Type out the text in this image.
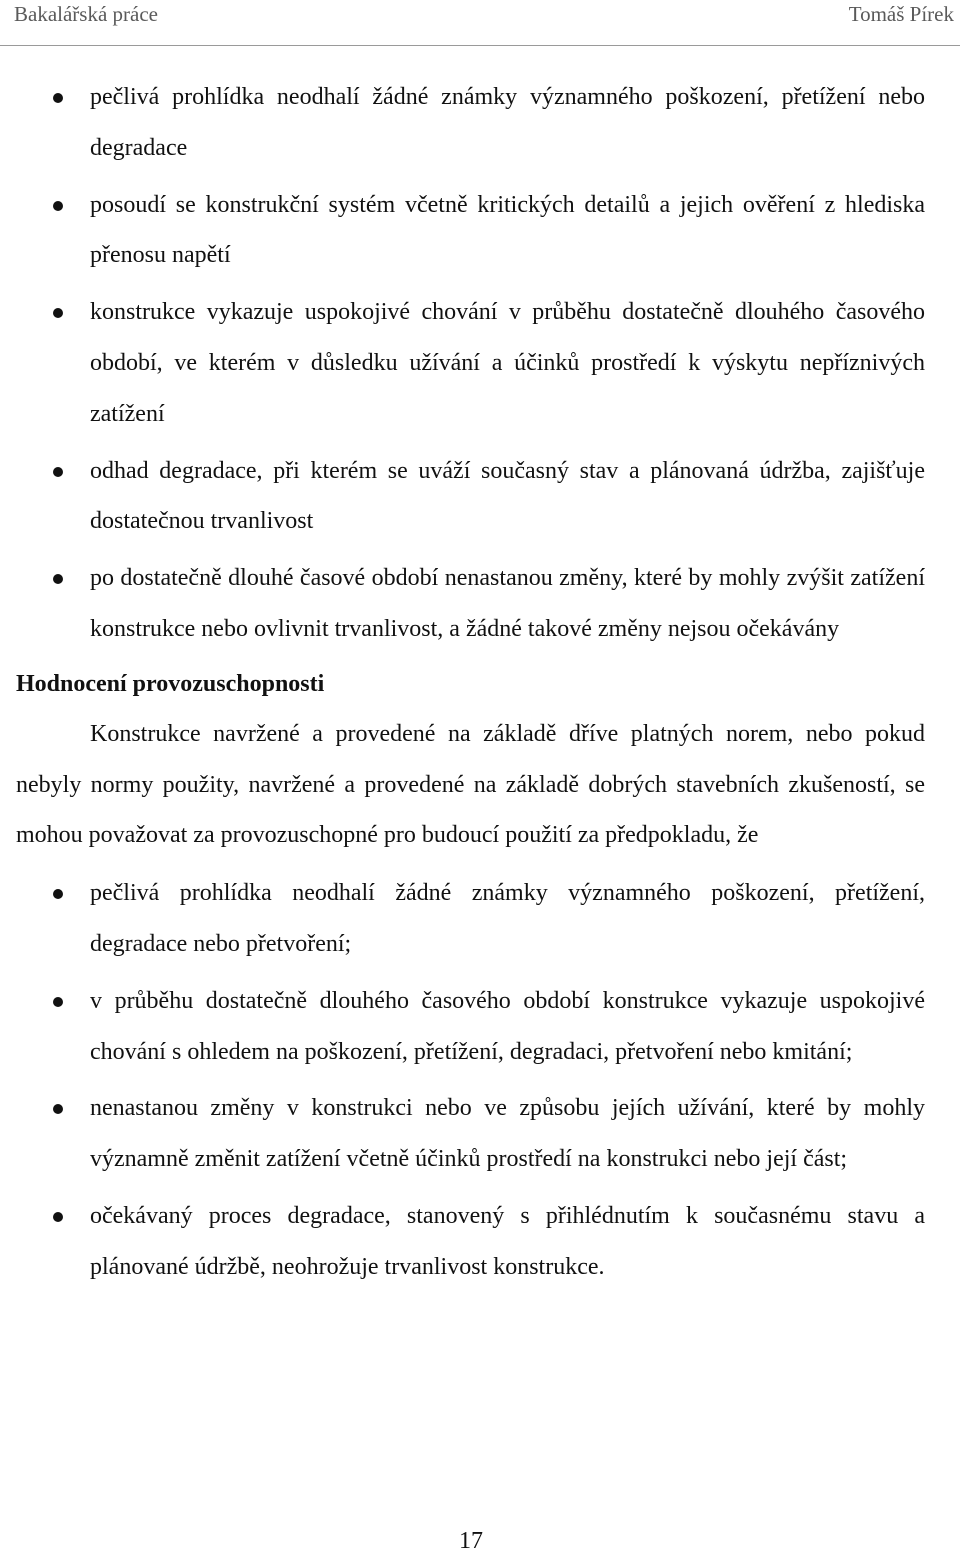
Bakalářská práce	Tomáš Pírek
pečlivá prohlídka neodhalí žádné známky významného poškození, přetížení nebo degradace
posoudí se konstrukční systém včetně kritických detailů a jejich ověření z hlediska přenosu napětí
konstrukce vykazuje uspokojivé chování v průběhu dostatečně dlouhého časového období, ve kterém v důsledku užívání a účinků prostředí k výskytu nepříznivých zatížení
odhad degradace, při kterém se uváží současný stav a plánovaná údržba, zajišťuje dostatečnou trvanlivost
po dostatečně dlouhé časové období nenastanou změny, které by mohly zvýšit zatížení konstrukce nebo ovlivnit trvanlivost, a žádné takové změny nejsou očekávány

Hodnocení provozuschopnosti

Konstrukce navržené a provedené na základě dříve platných norem, nebo pokud nebyly normy použity, navržené a provedené na základě dobrých stavebních zkušeností, se mohou považovat za provozuschopné pro budoucí použití za předpokladu, že

pečlivá prohlídka neodhalí žádné známky významného poškození, přetížení, degradace nebo přetvoření;
v průběhu dostatečně dlouhého časového období konstrukce vykazuje uspokojivé chování s ohledem na poškození, přetížení, degradaci, přetvoření nebo kmitání;
nenastanou změny v konstrukci nebo ve způsobu jejích užívání, které by mohly významně změnit zatížení včetně účinků prostředí na konstrukci nebo její část;
očekávaný proces degradace, stanovený s přihlédnutím k současnému stavu a plánované údržbě, neohrožuje trvanlivost konstrukce.
17
